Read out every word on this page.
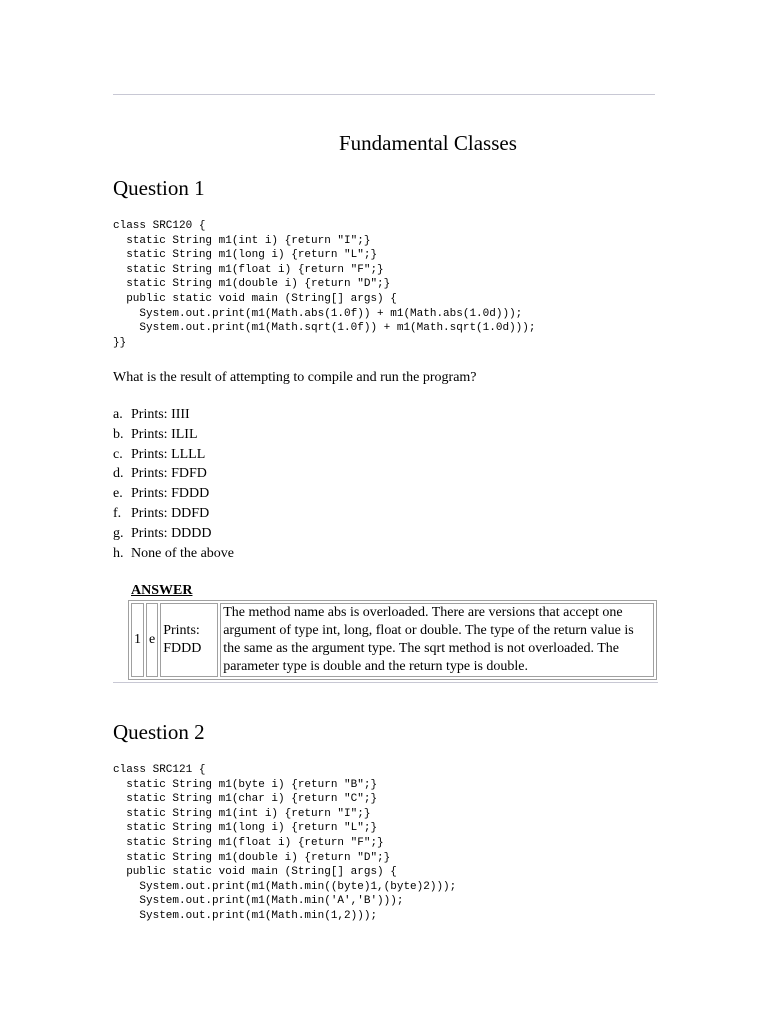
Fundamental Classes
Question 1
class SRC120 {
static String m1(int i) {return "I";}
static String m1(long i) {return "L";}
static String m1(float i) {return "F";}
static String m1(double i) {return "D";}
public static void main (String[] args) {
System.out.print(m1(Math.abs(1.0f)) + m1(Math.abs(1.0d)));
System.out.print(m1(Math.sqrt(1.0f)) + m1(Math.sqrt(1.0d)));
}}
What is the result of attempting to compile and run the program?
a. Prints: IIII
b. Prints: ILIL
c. Prints: LLLL
d. Prints: FDFD
e. Prints: FDDD
f. Prints: DDFD
g. Prints: DDDD
h. None of the above
ANSWER
1	e	Prints: FDDD	The method name abs is overloaded. There are versions that accept one argument of type int, long, float or double. The type of the return value is the same as the argument type. The sqrt method is not overloaded. The parameter type is double and the return type is double.
Question 2
class SRC121 {
static String m1(byte i) {return "B";}
static String m1(char i) {return "C";}
static String m1(int i) {return "I";}
static String m1(long i) {return "L";}
static String m1(float i) {return "F";}
static String m1(double i) {return "D";}
public static void main (String[] args) {
System.out.print(m1(Math.min((byte)1,(byte)2)));
System.out.print(m1(Math.min('A','B')));
System.out.print(m1(Math.min(1,2)));
